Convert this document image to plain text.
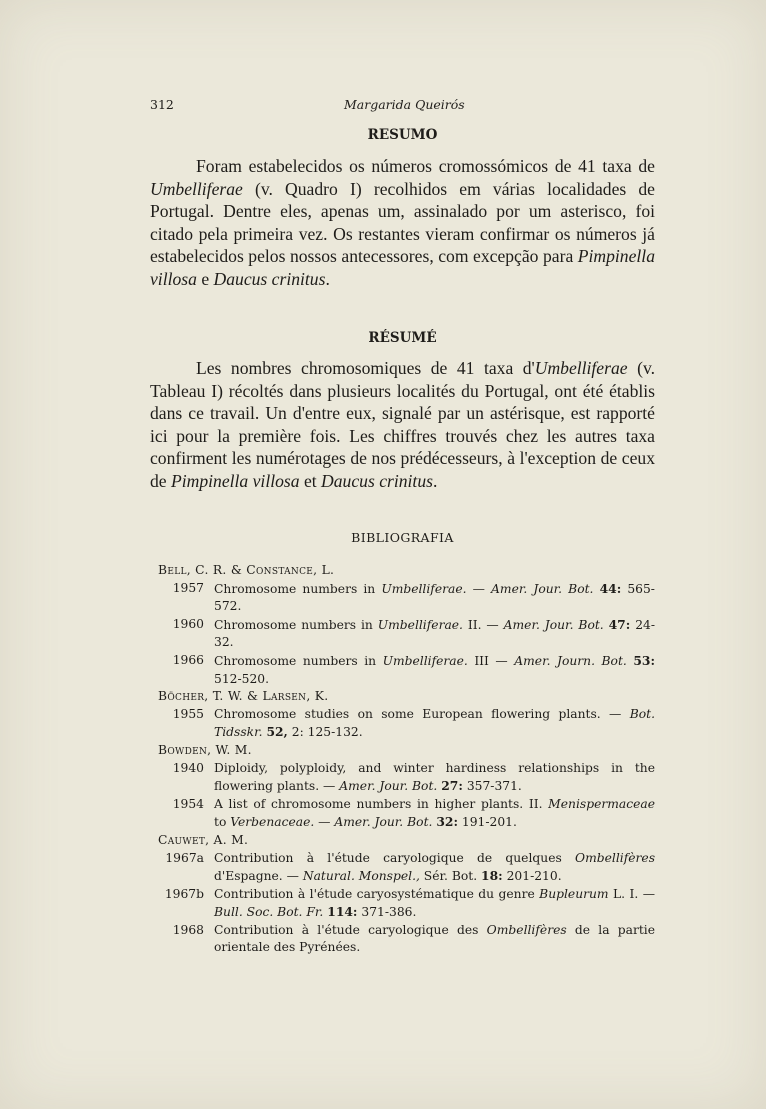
312	Margarida Queirós
RESUMO

Foram estabelecidos os números cromossómicos de 41 taxa de Umbelliferae (v. Quadro I) recolhidos em várias localidades de Portugal. Dentre eles, apenas um, assinalado por um asterisco, foi citado pela primeira vez. Os restantes vieram confirmar os números já estabelecidos pelos nossos antecessores, com excepção para Pimpinella villosa e Daucus crinitus.

RÉSUMÉ

Les nombres chromosomiques de 41 taxa d'Umbelliferae (v. Tableau I) récoltés dans plusieurs localités du Portugal, ont été établis dans ce travail. Un d'entre eux, signalé par un astérisque, est rapporté ici pour la première fois. Les chiffres trouvés chez les autres taxa confirment les numérotages de nos prédécesseurs, à l'exception de ceux de Pimpinella villosa et Daucus crinitus.

BIBLIOGRAFIA

Bell, C. R. & Constance, L.

1957 Chromosome numbers in Umbelliferae. — Amer. Jour. Bot. 44: 565-572.
1960 Chromosome numbers in Umbelliferae. II. — Amer. Jour. Bot. 47: 24-32.
1966 Chromosome numbers in Umbelliferae. III — Amer. Journ. Bot. 53: 512-520.

Böcher, T. W. & Larsen, K.

1955 Chromosome studies on some European flowering plants. — Bot. Tidsskr. 52, 2: 125-132.

Bowden, W. M.

1940 Diploidy, polyploidy, and winter hardiness relationships in the flowering plants. — Amer. Jour. Bot. 27: 357-371.
1954 A list of chromosome numbers in higher plants. II. Menispermaceae to Verbenaceae. — Amer. Jour. Bot. 32: 191-201.

Cauwet, A. M.

1967a Contribution à l'étude caryologique de quelques Ombellifères d'Espagne. — Natural. Monspel., Sér. Bot. 18: 201-210.
1967b Contribution à l'étude caryosystématique du genre Bupleurum L. I. — Bull. Soc. Bot. Fr. 114: 371-386.
1968 Contribution à l'étude caryologique des Ombellifères de la partie orientale des Pyrénées.
